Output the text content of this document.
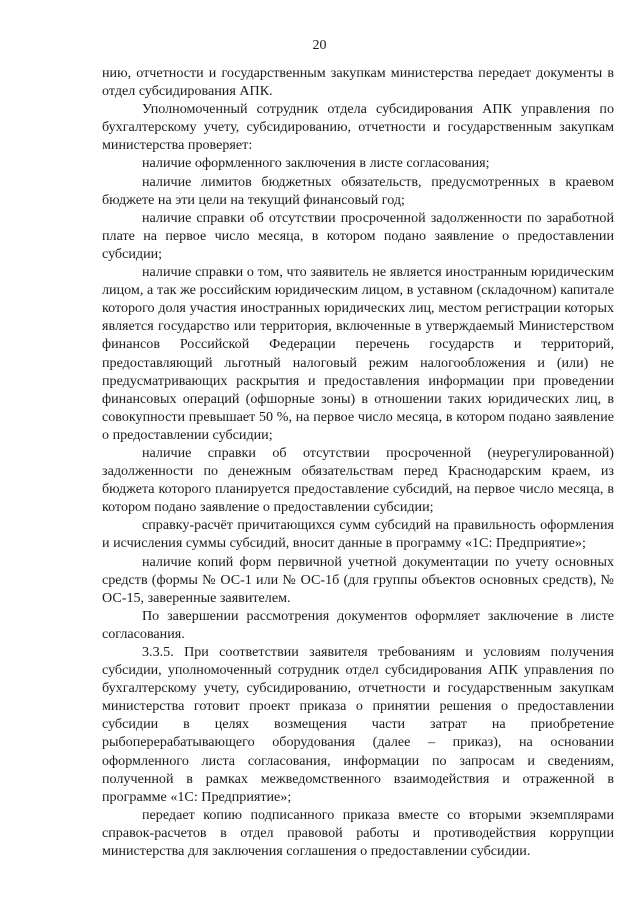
20

нию, отчетности и государственным закупкам министерства передает документы в отдел субсидирования АПК.

Уполномоченный сотрудник отдела субсидирования АПК управления по бухгалтерскому учету, субсидированию, отчетности и государственным закупкам министерства проверяет:

наличие оформленного заключения в листе согласования;

наличие лимитов бюджетных обязательств, предусмотренных в краевом бюджете на эти цели на текущий финансовый год;

наличие справки об отсутствии просроченной задолженности по заработной плате на первое число месяца, в котором подано заявление о предоставлении субсидии;

наличие справки о том, что заявитель не является иностранным юридическим лицом, а так же российским юридическим лицом, в уставном (складочном) капитале которого доля участия иностранных юридических лиц, местом регистрации которых является государство или территория, включенные в утверждаемый Министерством финансов Российской Федерации перечень государств и территорий, предоставляющий льготный налоговый режим налогообложения и (или) не предусматривающих раскрытия и предоставления информации при проведении финансовых операций (офшорные зоны) в отношении таких юридических лиц, в совокупности превышает 50 %, на первое число месяца, в котором подано заявление о предоставлении субсидии;

наличие справки об отсутствии просроченной (неурегулированной) задолженности по денежным обязательствам перед Краснодарским краем, из бюджета которого планируется предоставление субсидий, на первое число месяца, в котором подано заявление о предоставлении субсидии;

справку-расчёт причитающихся сумм субсидий на правильность оформления и исчисления суммы субсидий, вносит данные в программу «1С: Предприятие»;

наличие копий форм первичной учетной документации по учету основных средств (формы № ОС-1 или № ОС-1б (для группы объектов основных средств), № ОС-15, заверенные заявителем.

По завершении рассмотрения документов оформляет заключение в листе согласования.

3.3.5. При соответствии заявителя требованиям и условиям получения субсидии, уполномоченный сотрудник отдел субсидирования АПК управления по бухгалтерскому учету, субсидированию, отчетности и государственным закупкам министерства готовит проект приказа о принятии решения о предоставлении субсидии в целях возмещения части затрат на приобретение рыбоперерабатывающего оборудования (далее – приказ), на основании оформленного листа согласования, информации по запросам и сведениям, полученной в рамках межведомственного взаимодействия и отраженной в программе «1С: Предприятие»;

передает копию подписанного приказа вместе со вторыми экземплярами справок-расчетов в отдел правовой работы и противодействия коррупции министерства для заключения соглашения о предоставлении субсидии.
